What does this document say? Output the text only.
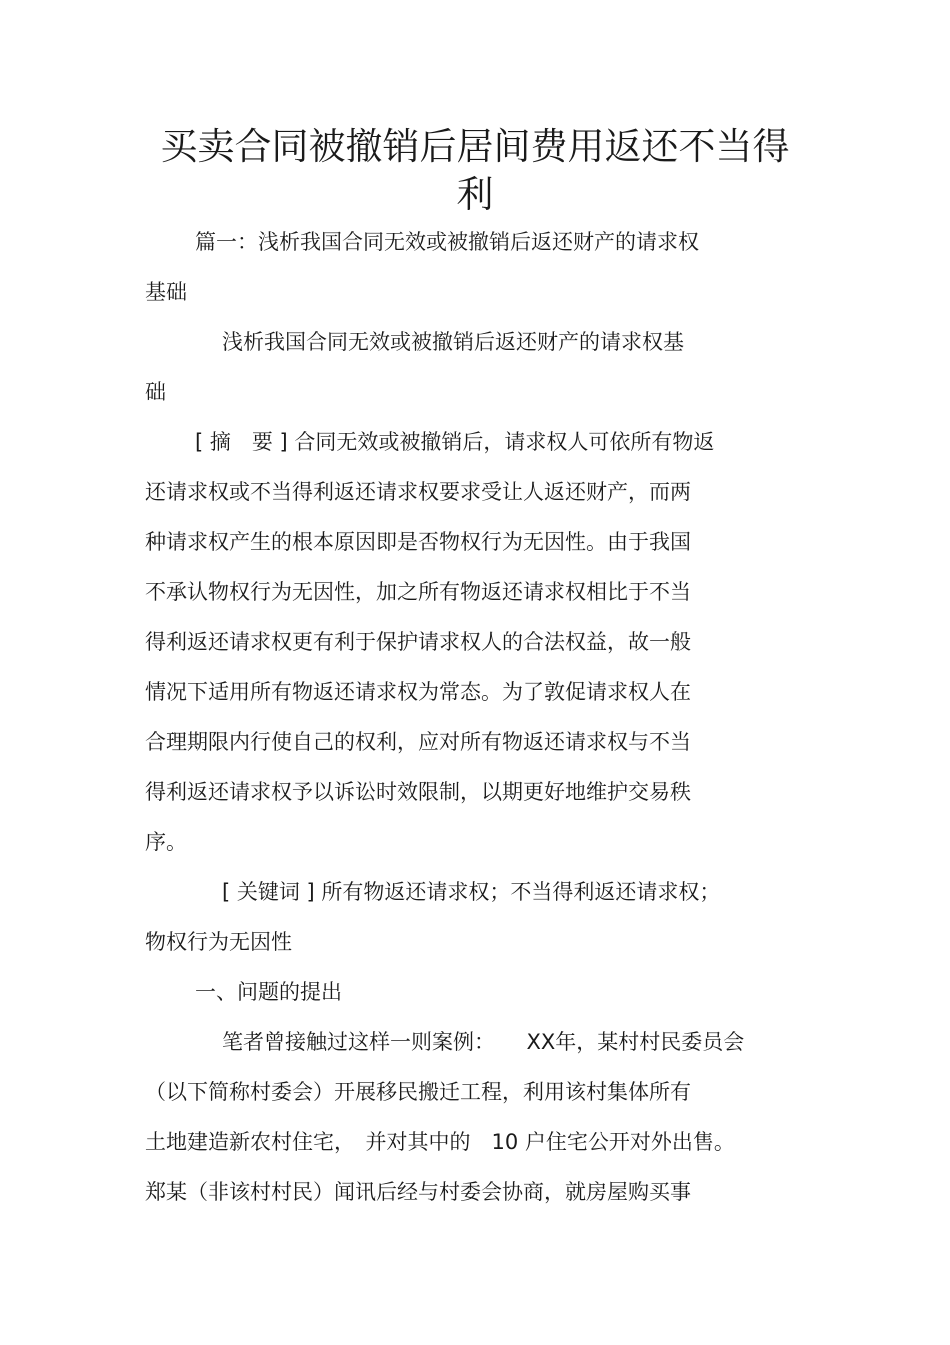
买卖合同被撤销后居间费用返还不当得
利
篇一：浅析我国合同无效或被撤销后返还财产的请求权
基础
浅析我国合同无效或被撤销后返还财产的请求权基
础
[ 摘　要 ] 合同无效或被撤销后，请求权人可依所有物返
还请求权或不当得利返还请求权要求受让人返还财产，而两
种请求权产生的根本原因即是否物权行为无因性。由于我国
不承认物权行为无因性，加之所有物返还请求权相比于不当
得利返还请求权更有利于保护请求权人的合法权益，故一般
情况下适用所有物返还请求权为常态。为了敦促请求权人在
合理期限内行使自己的权利，应对所有物返还请求权与不当
得利返还请求权予以诉讼时效限制，以期更好地维护交易秩
序。
[ 关键词 ] 所有物返还请求权；不当得利返还请求权；
物权行为无因性
一、问题的提出
笔者曾接触过这样一则案例：　　XX年，某村村民委员会
（以下简称村委会）开展移民搬迁工程，利用该村集体所有
土地建造新农村住宅，　并对其中的　10 户住宅公开对外出售。
郑某（非该村村民）闻讯后经与村委会协商，就房屋购买事
